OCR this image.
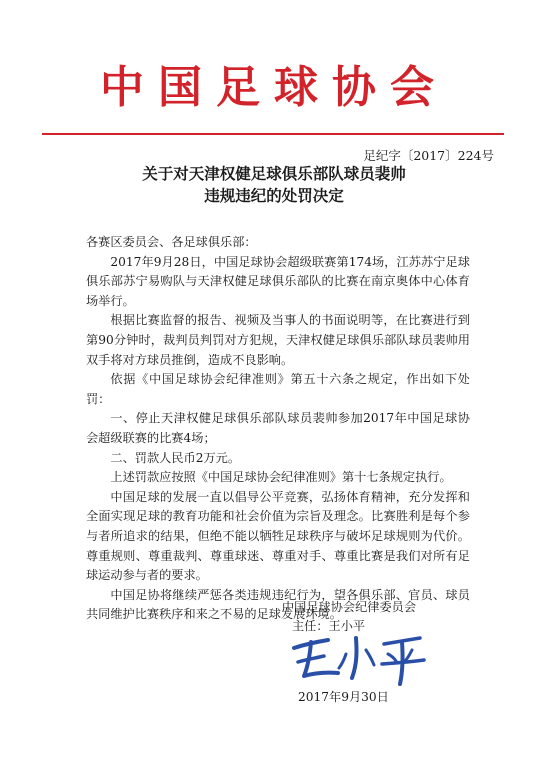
中国足球协会
足纪字〔2017〕224号
关于对天津权健足球俱乐部队球员裴帅
违规违纪的处罚决定

各赛区委员会、各足球俱乐部：

2017年9月28日，中国足球协会超级联赛第174场，江苏苏宁足球俱乐部苏宁易购队与天津权健足球俱乐部队的比赛在南京奥体中心体育场举行。

根据比赛监督的报告、视频及当事人的书面说明等，在比赛进行到第90分钟时，裁判员判罚对方犯规，天津权健足球俱乐部队球员裴帅用双手将对方球员推倒，造成不良影响。

依据《中国足球协会纪律准则》第五十六条之规定，作出如下处罚：

一、停止天津权健足球俱乐部队球员裴帅参加2017年中国足球协会超级联赛的比赛4场；

二、罚款人民币2万元。

上述罚款应按照《中国足球协会纪律准则》第十七条规定执行。

中国足球的发展一直以倡导公平竞赛，弘扬体育精神，充分发挥和全面实现足球的教育功能和社会价值为宗旨及理念。比赛胜利是每个参与者所追求的结果，但绝不能以牺牲足球秩序与破坏足球规则为代价。尊重规则、尊重裁判、尊重球迷、尊重对手、尊重比赛是我们对所有足球运动参与者的要求。

中国足协将继续严惩各类违规违纪行为，望各俱乐部、官员、球员共同维护比赛秩序和来之不易的足球发展环境。

中国足球协会纪律委员会
主任：王小平
2017年9月30日
